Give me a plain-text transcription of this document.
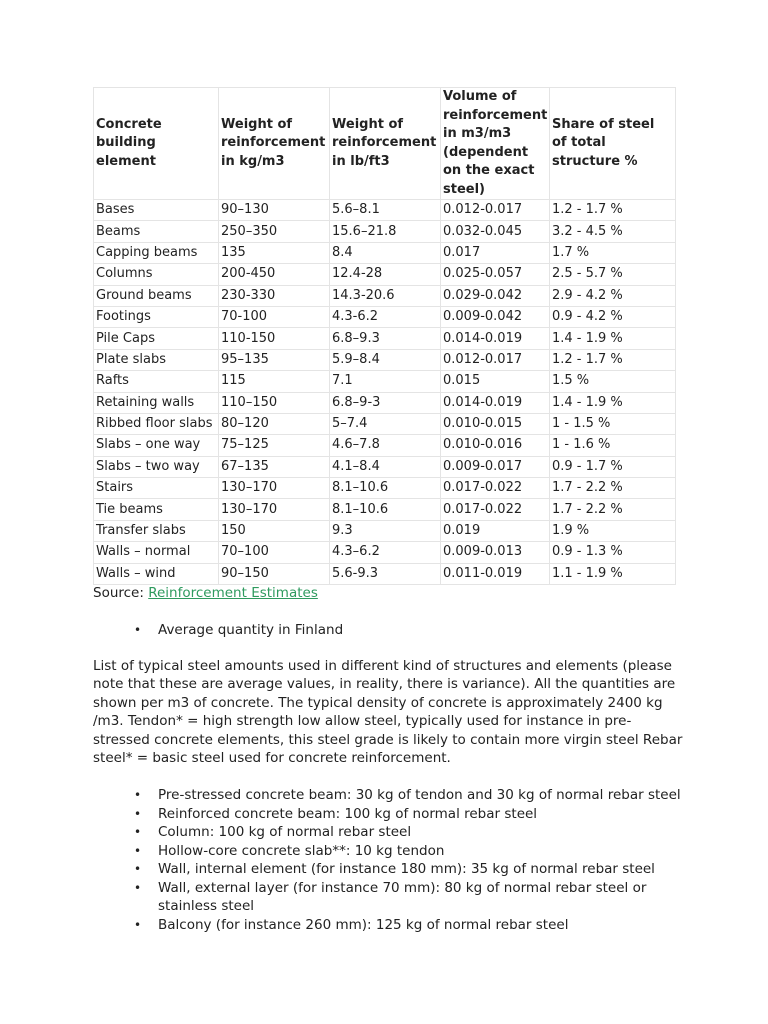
Concrete building element	Weight of reinforcement in kg/m3	Weight of reinforcement in lb/ft3	Volume of reinforcement in m3/m3 (dependent on the exact steel)	Share of steel of total structure %
Bases	90–130	5.6–8.1	0.012-0.017	1.2 - 1.7 %
Beams	250–350	15.6–21.8	0.032-0.045	3.2 - 4.5 %
Capping beams	135	8.4	0.017	1.7 %
Columns	200-450	12.4-28	0.025-0.057	2.5 - 5.7 %
Ground beams	230-330	14.3-20.6	0.029-0.042	2.9 - 4.2 %
Footings	70-100	4.3-6.2	0.009-0.042	0.9 - 4.2 %
Pile Caps	110-150	6.8–9.3	0.014-0.019	1.4 - 1.9 %
Plate slabs	95–135	5.9–8.4	0.012-0.017	1.2 - 1.7 %
Rafts	115	7.1	0.015	1.5 %
Retaining walls	110–150	6.8–9-3	0.014-0.019	1.4 - 1.9 %
Ribbed floor slabs	80–120	5–7.4	0.010-0.015	1 - 1.5 %
Slabs – one way	75–125	4.6–7.8	0.010-0.016	1 - 1.6 %
Slabs – two way	67–135	4.1–8.4	0.009-0.017	0.9 - 1.7 %
Stairs	130–170	8.1–10.6	0.017-0.022	1.7 - 2.2 %
Tie beams	130–170	8.1–10.6	0.017-0.022	1.7 - 2.2 %
Transfer slabs	150	9.3	0.019	1.9 %
Walls – normal	70–100	4.3–6.2	0.009-0.013	0.9 - 1.3 %
Walls – wind	90–150	5.6-9.3	0.011-0.019	1.1 - 1.9 %
Source: Reinforcement Estimates
• Average quantity in Finland
List of typical steel amounts used in different kind of structures and elements (please note that these are average values, in reality, there is variance). All the quantities are shown per m3 of concrete. The typical density of concrete is approximately 2400 kg /m3. Tendon* = high strength low allow steel, typically used for instance in pre-stressed concrete elements, this steel grade is likely to contain more virgin steel Rebar steel* = basic steel used for concrete reinforcement.
• Pre-stressed concrete beam: 30 kg of tendon and 30 kg of normal rebar steel
• Reinforced concrete beam: 100 kg of normal rebar steel
• Column: 100 kg of normal rebar steel
• Hollow-core concrete slab**: 10 kg tendon
• Wall, internal element (for instance 180 mm): 35 kg of normal rebar steel
• Wall, external layer (for instance 70 mm): 80 kg of normal rebar steel or stainless steel
• Balcony (for instance 260 mm): 125 kg of normal rebar steel
